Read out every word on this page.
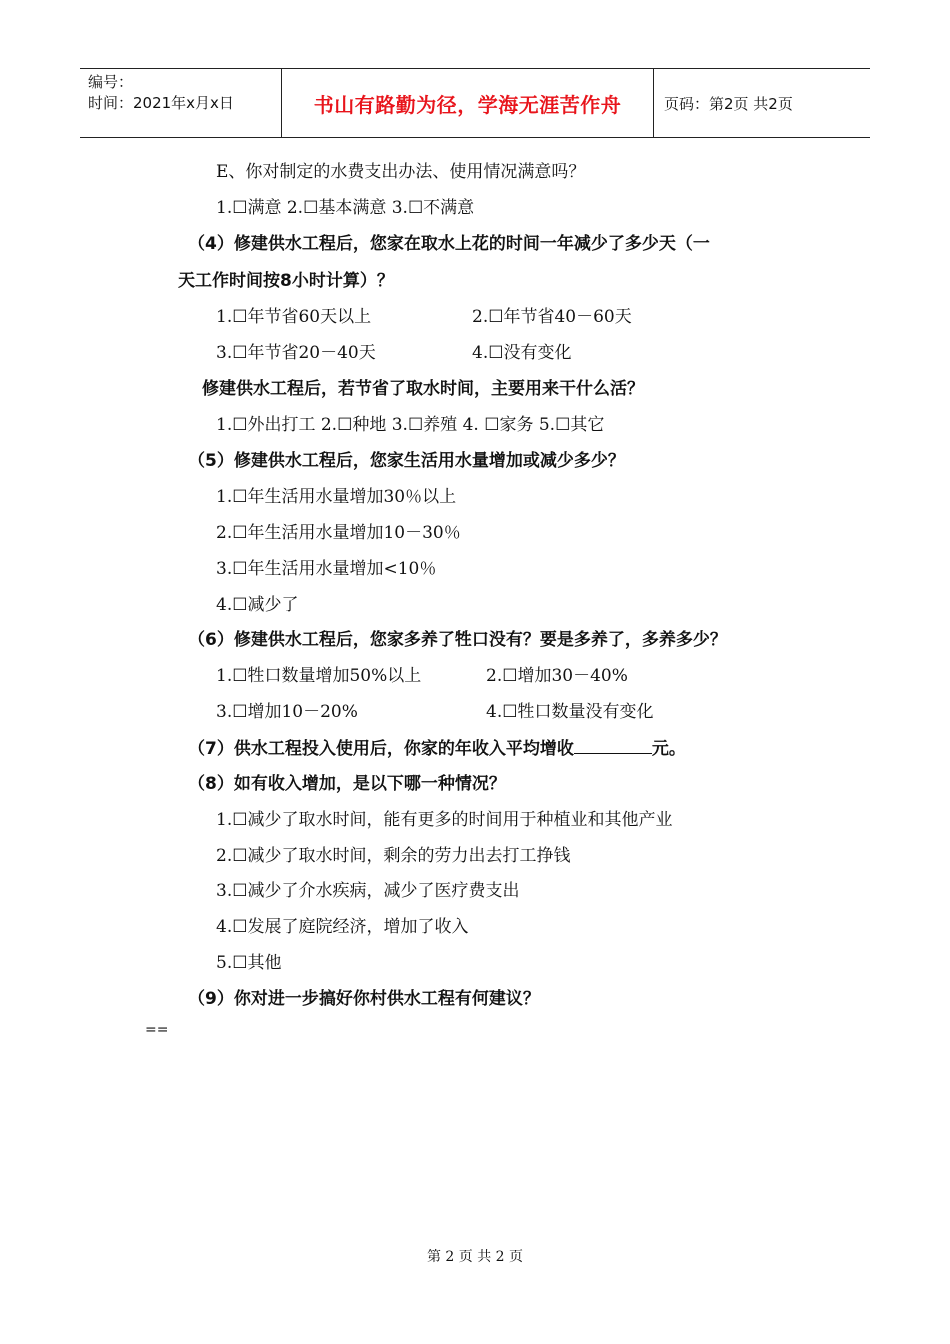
编号：
时间：2021年x月x日	书山有路勤为径，学海无涯苦作舟	页码：第2页 共2页
E、你对制定的水费支出办法、使用情况满意吗？
1.☐满意 2.☐基本满意 3.☐不满意
（4）修建供水工程后，您家在取水上花的时间一年减少了多少天（一
天工作时间按8小时计算）？
1.☐年节省60天以上	2.☐年节省40－60天
3.☐年节省20－40天	4.☐没有变化
修建供水工程后，若节省了取水时间，主要用来干什么活？
1.☐外出打工 2.☐种地 3.☐养殖 4. ☐家务 5.☐其它
（5）修建供水工程后，您家生活用水量增加或减少多少？
1.☐年生活用水量增加30％以上
2.☐年生活用水量增加10－30％
3.☐年生活用水量增加<10％
4.☐减少了
（6）修建供水工程后，您家多养了牲口没有？要是多养了，多养多少？
1.☐牲口数量增加50%以上	2.☐增加30－40%
3.☐增加10－20%	4.☐牲口数量没有变化
（7）供水工程投入使用后，你家的年收入平均增收	元。
（8）如有收入增加，是以下哪一种情况？
1.☐减少了取水时间，能有更多的时间用于种植业和其他产业
2.☐减少了取水时间，剩余的劳力出去打工挣钱
3.☐减少了介水疾病，减少了医疗费支出
4.☐发展了庭院经济，增加了收入
5.☐其他
（9）你对进一步搞好你村供水工程有何建议？
==
第 2 页 共 2 页
